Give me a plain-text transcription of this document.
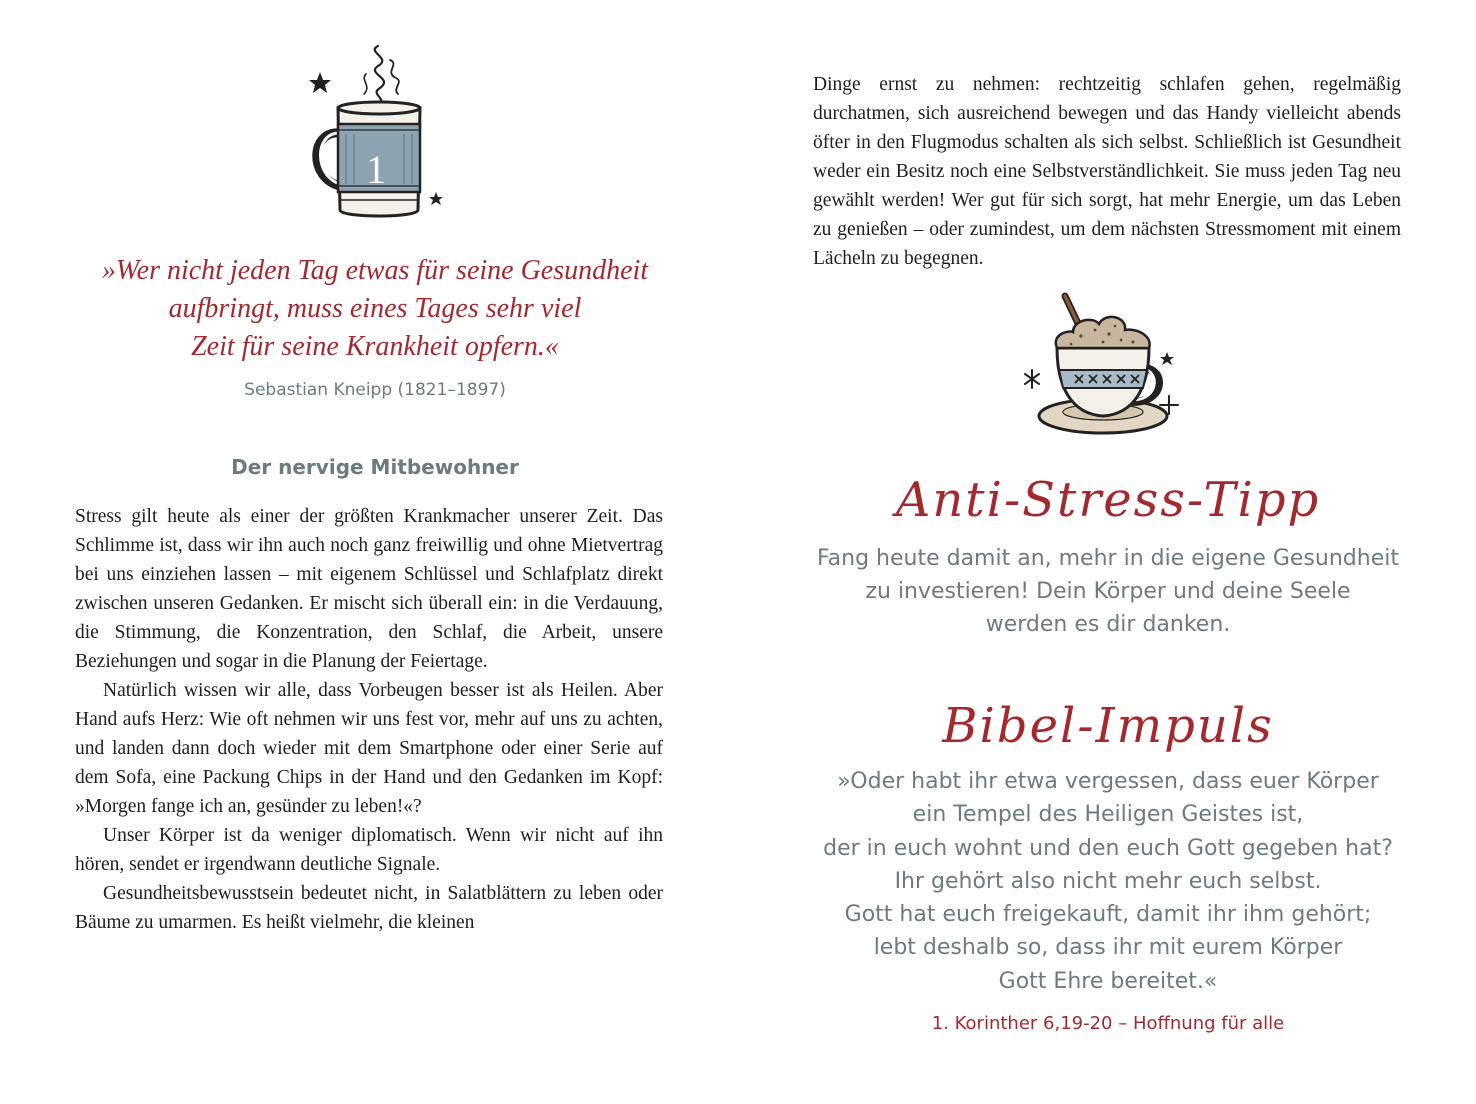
1
»Wer nicht jeden Tag etwas für seine Gesundheit
aufbringt, muss eines Tages sehr viel
Zeit für seine Krankheit opfern.«
Sebastian Kneipp (1821–1897)
Der nervige Mitbewohner

Stress gilt heute als einer der größten Krankmacher unserer Zeit. Das Schlimme ist, dass wir ihn auch noch ganz freiwillig und ohne Mietvertrag bei uns einziehen lassen – mit eigenem Schlüssel und Schlafplatz direkt zwischen unseren Gedanken. Er mischt sich überall ein: in die Verdauung, die Stimmung, die Konzentration, den Schlaf, die Arbeit, unsere Beziehungen und sogar in die Planung der Feiertage.

Natürlich wissen wir alle, dass Vorbeugen besser ist als Heilen. Aber Hand aufs Herz: Wie oft nehmen wir uns fest vor, mehr auf uns zu achten, und landen dann doch wieder mit dem Smartphone oder einer Serie auf dem Sofa, eine Packung Chips in der Hand und den Gedanken im Kopf: »Morgen fange ich an, gesünder zu leben!«?

Unser Körper ist da weniger diplomatisch. Wenn wir nicht auf ihn hören, sendet er irgendwann deutliche Signale.

Gesundheitsbewusstsein bedeutet nicht, in Salatblättern zu leben oder Bäume zu umarmen. Es heißt vielmehr, die kleinen

Dinge ernst zu nehmen: rechtzeitig schlafen gehen, regelmäßig durchatmen, sich ausreichend bewegen und das Handy vielleicht abends öfter in den Flugmodus schalten als sich selbst. Schließlich ist Gesundheit weder ein Besitz noch eine Selbstverständlichkeit. Sie muss jeden Tag neu gewählt werden! Wer gut für sich sorgt, hat mehr Energie, um das Leben zu genießen – oder zumindest, um dem nächsten Stressmoment mit einem Lächeln zu begegnen.

Anti-Stress-Tipp
Fang heute damit an, mehr in die eigene Gesundheit
zu investieren! Dein Körper und deine Seele
werden es dir danken.
Bibel-Impuls
»Oder habt ihr etwa vergessen, dass euer Körper
ein Tempel des Heiligen Geistes ist,
der in euch wohnt und den euch Gott gegeben hat?
Ihr gehört also nicht mehr euch selbst.
Gott hat euch freigekauft, damit ihr ihm gehört;
lebt deshalb so, dass ihr mit eurem Körper
Gott Ehre bereitet.«
1. Korinther 6,19-20 – Hoffnung für alle
